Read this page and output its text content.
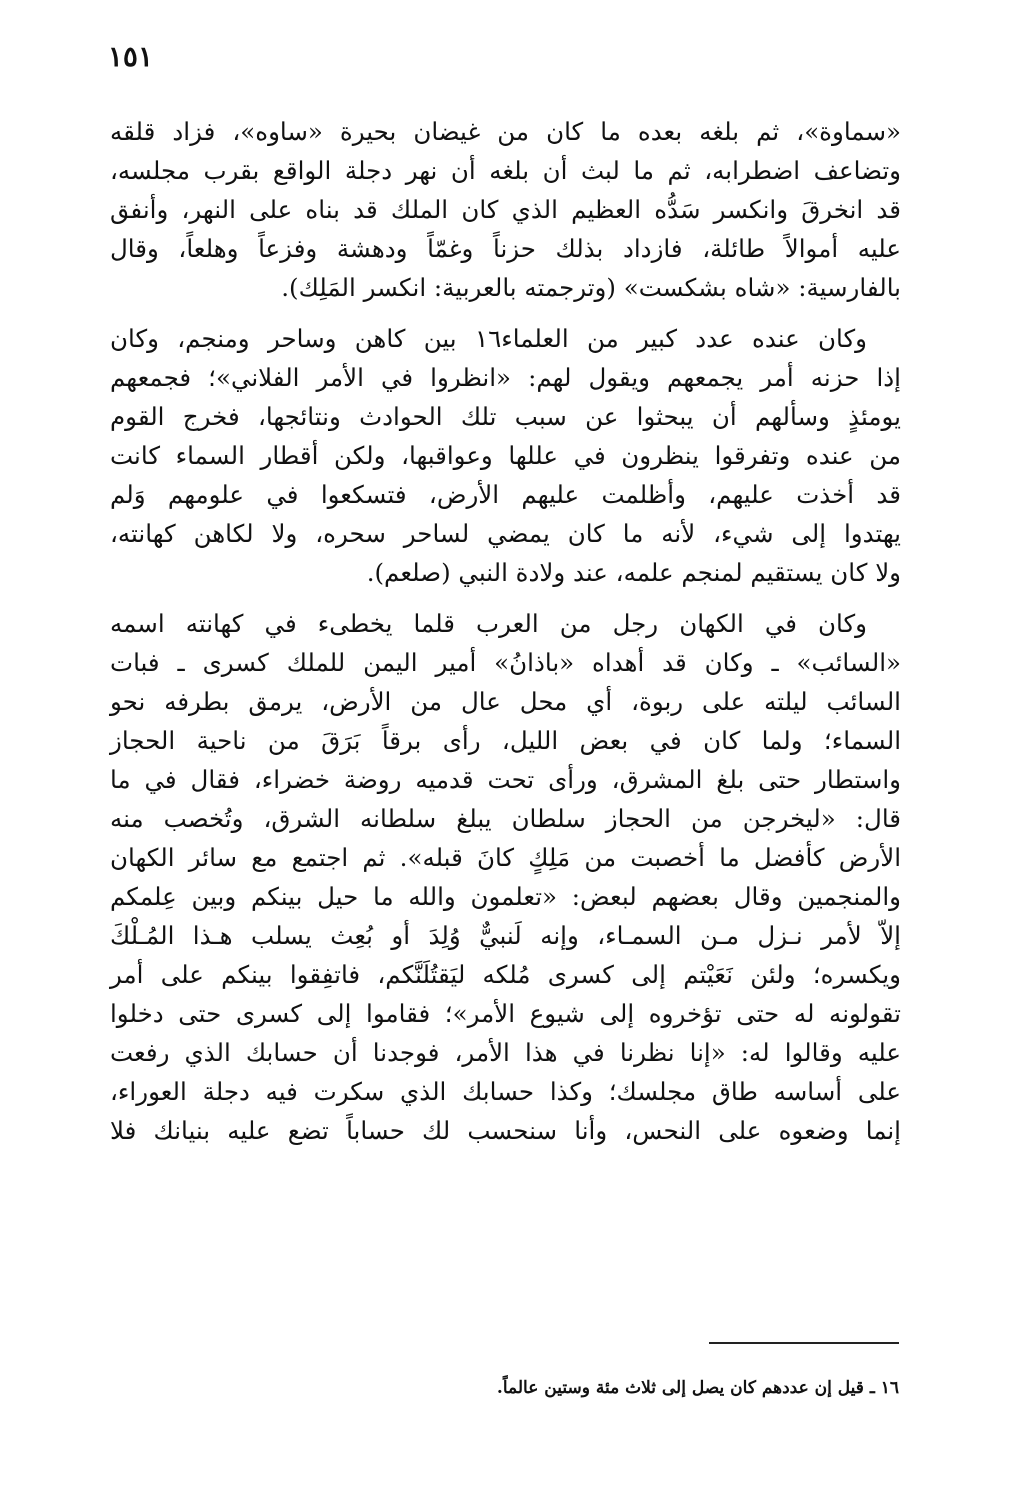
١٥١
«سماوة»، ثم بلغه بعده ما كان من غيضان بحيرة «ساوه»، فزاد قلقه
وتضاعف اضطرابه، ثم ما لبث أن بلغه أن نهر دجلة الواقع بقرب مجلسه،
قد انخرقَ وانكسر سَدُّه العظيم الذي كان الملك قد بناه على النهر، وأنفق
عليه أموالاً طائلة، فازداد بذلك حزناً وغمّاً ودهشة وفزعاً وهلعاً، وقال
بالفارسية: «شاه بشكست» (وترجمته بالعربية: انكسر المَلِك).
وكان عنده عدد كبير من العلماء١٦ بين كاهن وساحر ومنجم، وكان
إذا حزنه أمر يجمعهم ويقول لهم: «انظروا في الأمر الفلاني»؛ فجمعهم
يومئذٍ وسألهم أن يبحثوا عن سبب تلك الحوادث ونتائجها، فخرج القوم
من عنده وتفرقوا ينظرون في عللها وعواقبها، ولكن أقطار السماء كانت
قد أخذت عليهم، وأظلمت عليهم الأرض، فتسكعوا في علومهم وَلم
يهتدوا إلى شيء، لأنه ما كان يمضي لساحر سحره، ولا لكاهن كهانته،
ولا كان يستقيم لمنجم علمه، عند ولادة النبي (صلعم).
وكان في الكهان رجل من العرب قلما يخطىء في كهانته اسمه
«السائب» ـ وكان قد أهداه «باذانُ» أمير اليمن للملك كسرى ـ فبات
السائب ليلته على ربوة، أي محل عال من الأرض، يرمق بطرفه نحو
السماء؛ ولما كان في بعض الليل، رأى برقاً بَرَقَ من ناحية الحجاز
واستطار حتى بلغ المشرق، ورأى تحت قدميه روضة خضراء، فقال في ما
قال: «ليخرجن من الحجاز سلطان يبلغ سلطانه الشرق، وتُخصب منه
الأرض كأفضل ما أخصبت من مَلِكٍ كانَ قبله». ثم اجتمع مع سائر الكهان
والمنجمين وقال بعضهم لبعض: «تعلمون والله ما حيل بينكم وبين عِلمكم
إلاّ لأمر نـزل مـن السمـاء، وإنه لَنبيٌّ وُلِدَ أو بُعِث يسلب هـذا المُـلْكَ
ويكسره؛ ولئن نَعَيْتم إلى كسرى مُلكه ليَقتُلَنَّكم، فاتفِقوا بينكم على أمر
تقولونه له حتى تؤخروه إلى شيوع الأمر»؛ فقاموا إلى كسرى حتى دخلوا
عليه وقالوا له: «إنا نظرنا في هذا الأمر، فوجدنا أن حسابك الذي رفعت
على أساسه طاق مجلسك؛ وكذا حسابك الذي سكرت فيه دجلة العوراء،
إنما وضعوه على النحس، وأنا سنحسب لك حساباً تضع عليه بنيانك فلا
١٦ ـ قيل إن عددهم كان يصل إلى ثلاث مئة وستين عالماً.
